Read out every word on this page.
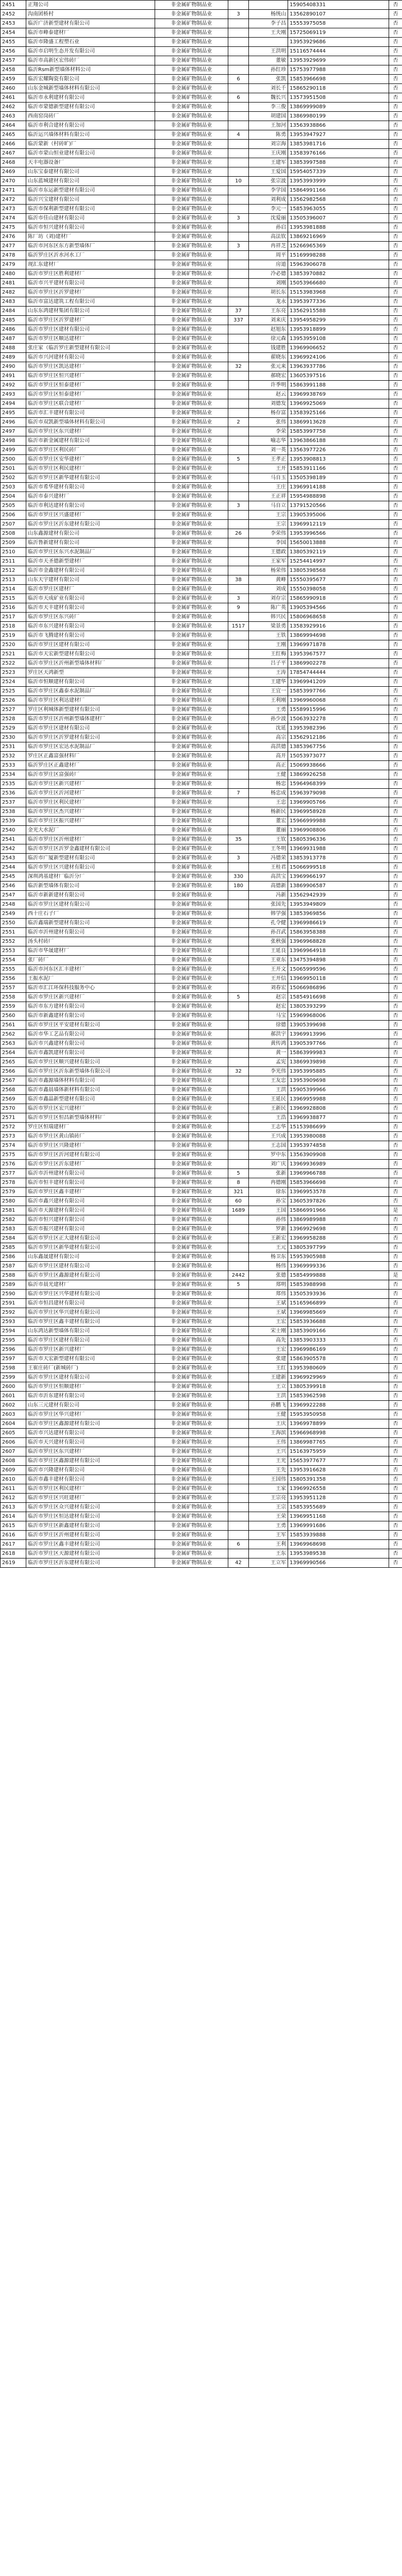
2451	正翔公司	非金属矿物制品业			15905408331	否
2452	沟南团桥村	非金属矿物制品业	3	杨统山	13562890107	否
2453	临沂广济新型建材有限公司	非金属矿物制品业		李子昌	15553975058	否
2454	临沂市峰泰建材厂	非金属矿物制品业		王夫刚	15725069119	否
2455	临沂市隆盛工程塑石业	非金属矿物制品业			13953929686	否
2456	临沂市启明生态开发有限公司	非金属矿物制品业		王洪明	15116574444	否
2457	临沂市高新区宏伟砖厂	非金属矿物制品业		董敏	13953929699	否
2458	临沂Rsm新型墙体材料公司	非金属矿物制品业		孙红珍	15753977988	否
2459	临沂宏耀陶瓷有限公司	非金属矿物制品业	6	张凯	15853966698	否
2460	山东金城新型墙体材料有限公司	非金属矿物制品业		刘长千	15865290118	否
2461	临沂市永利建材有限公司	非金属矿物制品业	6	魏长兴	13573951508	否
2462	临沂市蒙德新型建材有限公司	非金属矿物制品业		李三俊	13869999089	否
2463	西南窑岗砖厂	非金属矿物制品业		胡建国	13869980199	否
2464	临沂市利合建材有限公司	非金属矿物制品业		王加河	13563938866	否
2465	临沂运兴墙体材料有限公司	非金属矿物制品业	4	陈勇	13953947927	否
2466	临沂蒙新（村砖旷)厂	非金属矿物制品业		刘宗海	13853981716	否
2467	临沂市蒙山恒业建材有限公司	非金属矿物制品业		王庆刚	13583976166	否
2468	天丰电器设备厂	非金属矿物制品业		王建军	13853997588	否
2469	山东宝泰建材有限公司	非金属矿物制品业		王爱国	15954057339	否
2470	山东蓝城建材有限公司	非金属矿物制品业	10	张宗波	13953993999	否
2471	临沂市东运新型建材有限公司	非金属矿物制品业		李学国	15864991166	否
2472	临沂兴宝建材有限公司	非金属矿物制品业		刘利成	13562982568	否
2473	临沂市保利新型建材有限公司	非金属矿物制品业		李元一	15853963055	否
2474	临沂市佳山建材有限公司	非金属矿物制品业	3	沈爱丽	13505396007	否
2475	临沂市恒兴建材有限公司	非金属矿物制品业		孙启	13953981888	否
2476	陈厂坊（刘)建材厂	非金属矿物制品业		高法钦	13869216969	否
2477	临沂市河东区东方新型墙体厂	非金属矿物制品业	3	冉祥芝	15266965369	否
2478	临沂罗庄区沂水河水工厂	非金属矿物制品业		周平	15169998288	否
2479	现汇东建材厂	非金属矿物制品业		房道	15963906078	否
2480	临沂市罗庄区胜利建材厂	非金属矿物制品业		冷必德	13853970882	否
2481	临沂市兴平建材有限公司	非金属矿物制品业		刘刚	15053966680	否
2482	临沂市罗庄区沂罗建材厂	非金属矿物制品业		胡长东	15153983968	否
2483	临沂市富达建筑工程有限公司	非金属矿物制品业		龙永	13953977336	否
2484	山东东鸿建材集团有限公司	非金属矿物制品业	37	王东亮	13562915588	否
2485	临沂市罗庄区沂罗建材厂	非金属矿物制品业	337	刘来庆	13954958299	否
2486	临沂市罗庄区建材有限公司	非金属矿物制品业		赵旭东	13953918899	否
2487	临沂市罗庄区顺达建材厂	非金属矿物制品业		徐元森	13953959108	否
2488	张庄家（临沂罗庄新型建材有限公司	非金属矿物制品业		钱建胜	13969906652	否
2489	临沂市兴河建材有限公司	非金属矿物制品业		翟晓东	13969924106	否
2490	临沂市罗庄区凯达建材厂	非金属矿物制品业	32	张元来	13963937786	否
2491	临沂市罗庄区恒兴建材厂	非金属矿物制品业		郝晓宏	13605397516	否
2492	临沂市罗庄区恒泰建材厂	非金属矿物制品业		许季明	15863991188	否
2493	临沂市罗庄区恒泰建材厂	非金属矿物制品业		赵云	13969938769	否
2494	临沂市罗庄区联合建材厂	非金属矿物制品业		刘德发	13969925069	否
2495	临沂市汇丰建材有限公司	非金属矿物制品业		杨存富	13583925166	否
2496	临沂市双凯新型墙体材料有限公司	非金属矿物制品业	2	张伟	13869913628	否
2497	临沂市罗庄区东兴建材厂	非金属矿物制品业		李荣	15853997758	否
2498	临沂市新金属建材有限公司	非金属矿物制品业		喻志华	13963866188	否
2499	临沂市罗庄区利民砖厂	非金属矿物制品业		刘一英	13563977226	否
2500	临沂市罗庄区安华建材厂	非金属矿物制品业	5	王孝正	13953908813	否
2501	临沂市罗庄区利民建材厂	非金属矿物制品业		王开	15853911166	否
2502	临沂市罗庄区新华建材有限公司	非金属矿物制品业		马自玉	13505398189	否
2503	临沂市希华建材有限公司	非金属矿物制品业		王庄	13969914188	否
2504	临沂市泰兴建材厂	非金属矿物制品业		王正祥	15954988898	否
2505	临沂市利达建材有限公司	非金属矿物制品业	3	马自立	13791520566	否
2506	临沂市罗庄区兴盛建材厂	非金属矿物制品业		王宗	13905395006	否
2507	临沂市罗庄区沂东建材有限公司	非金属矿物制品业		王宗	13969912119	否
2508	山东鑫源建材有限公司	非金属矿物制品业	26	李荣伟	13953996566	否
2509	临沂鲁新建材有限公司	非金属矿物制品业		李国	15650013888	否
2510	临沂市罗庄区东兴水泥制品厂	非金属矿物制品业		王德政	13805392119	否
2511	临沂市天圣德新型建材厂	非金属矿物制品业		王家军	15254414997	否
2512	临沂市金鑫建材有限公司	非金属矿物制品业		杨荣伟	13805398568	否
2513	山东天宇建材有限公司	非金属矿物制品业	38	黄峰	15550395677	否
2514	临沂市罗庄区建材厂	非金属矿物制品业		刘成	15550398058	否
2515	临沂市天成矿业有限公司	非金属矿物制品业	3	刘存宗	15865990918	否
2516	临沂市天丰建材有限公司	非金属矿物制品业	9	陈广英	13905394566	否
2517	临沂市罗庄区东兴砖厂	非金属矿物制品业		韩兴民	15806968658	否
2518	临沂市东兴建材有限公司	非金属矿物制品业	1517	梁景勇	13583929916	否
2519	临沂市飞腾建材有限公司	非金属矿物制品业		王铁	13869994698	否
2520	临沂市罗庄区建材有限公司	非金属矿物制品业		王刚	13969971878	否
2521	临沂市天宏新型建材有限公司	非金属矿物制品业		王红梅	13953967577	否
2522	临沂市罗庄区沂州新型墙体材料厂	非金属矿物制品业		吕子平	13869902278	否
2523	罗庄区天鸿新型	非金属矿物制品业		王涛	17854744444	否
2524	临沂市恒顺建材有限公司	非金属矿物制品业		王建华	13969941209	否
2525	临沂市罗庄区鑫泰水泥制品厂	非金属矿物制品业		王宜一	15853997766	否
2526	临沂市罗庄区利达建材厂	非金属矿物制品业		王利刚	13969960068	否
2527	罗庄区利城体新型建材有限公司	非金属矿物制品业		王勇	15589915996	否
2528	临沂市罗庄区沂州新型墙体建材厂	非金属矿物制品业		孙少波	15063932278	否
2529	临沂市罗庄区建材有限公司	非金属矿物制品业		沈延	13953982396	否
2530	临沂市罗庄区沂罗建材有限公司	非金属矿物制品业		高宗	13562912186	否
2531	临沂市罗庄区宏达水泥制品厂	非金属矿物制品业		高洪德	13853967756	否
2532	罗庄区正鑫富强材料厂	非金属矿物制品业		高开	15053973077	否
2533	临沂罗庄区正鑫建材厂	非金属矿物制品业		高正	15069938666	否
2534	临沂市罗庄区富强砖厂	非金属矿物制品业		王健	13869926258	否
2535	临沂市罗庄区新兴建材厂	非金属矿物制品业		杨忠	15964968399	否
2536	临沂市罗庄区沂河建材厂	非金属矿物制品业	7	杨忠成	15963979098	否
2537	临沂市罗庄区利民建材厂	非金属矿物制品业		王忠	13969905766	否
2538	临沂市罗庄区杰兴建材厂	非金属矿物制品业		杨新民	13969958928	否
2539	临沂市罗庄区振兴建材厂	非金属矿物制品业		董宏	15966999988	否
2540	金光大水泥厂	非金属矿物制品业		董丽	13969908806	否
2541	临沂市罗庄区沂州建材厂	非金属矿物制品业	35	王钦	15805396336	否
2542	临沂市罗庄区沂罗金鑫建材有限公司	非金属矿物制品业		王冬明	13969931988	否
2543	临沂市广厦新型建材有限公司	非金属矿物制品业	3	冯德荣	13853913778	否
2544	临沂市罗庄区兴建材有限公司	非金属矿物制品业		王桂君	15066999518	否
2545	深圳鸿基建材厂临沂分厂	非金属矿物制品业	330	高洪宝	13969966197	否
2546	临沂新型墙体有限公司	非金属矿物制品业	180	高德新	13869906587	否
2547	临沂市新新建材有限公司	非金属矿物制品业		冯新	13562942939	否
2548	临沂市罗庄区建材有限公司	非金属矿物制品业		张国先	13953949809	否
2549	西十庄石子厂	非金属矿物制品业		韩学强	13853969856	否
2550	临沂鑫瑞新型建材有限公司	非金属矿物制品业		孔令健	13969986619	否
2551	临沂市沂州建材有限公司	非金属矿物制品业		孙召武	15863958388	否
2552	汤头村砖厂	非金属矿物制品业		张秋强	13969968828	否
2553	临沂市华晟建材厂	非金属矿物制品业		王延良	13969964918	否
2554	张厂砖厂	非金属矿物制品业		王亚东	13475394898	否
2555	临沂市河东区汇丰建材厂	非金属矿物制品业		王开文	15065999596	否
2556	王振水泥厂	非金属矿物制品业		王开信	13969950118	否
2557	临沂市汇江环保科技服务中心	非金属矿物制品业		刘春宏	15066986896	否
2558	临沂市罗庄区新兴建材厂	非金属矿物制品业	5	赵宗	15854916698	否
2559	临沂市东方建材有限公司	非金属矿物制品业		赵宏	13805393299	否
2560	临沂市新鑫建材有限公司	非金属矿物制品业		马宝	15969968006	否
2561	临沂市罗庄区平安建材有限公司	非金属矿物制品业		徐德	13905399698	否
2562	临沂市华工艺品有限公司	非金属矿物制品业		郝洪宇	13969913996	否
2563	临沂市兴鑫建材有限公司	非金属矿物制品业		黄传鸿	13905397766	否
2564	临沂市鑫凯建材有限公司	非金属矿物制品业		黄一	15863999983	否
2565	临沂市罗庄区顺兴建材有限公司	非金属矿物制品业		孟宪	13869939898	否
2566	临沂市罗庄区沂东新型墙体有限公司	非金属矿物制品业	32	李光伟	13953995885	否
2567	临沂市鑫源墙体材料有限公司	非金属矿物制品业		王友忠	13953909698	否
2568	临沂市鑫晨墙体新材料有限公司	非金属矿物制品业		王洪	15905399966	否
2569	临沂市鑫晶新型建材有限公司	非金属矿物制品业		王延民	13969959988	否
2570	临沂市罗庄区宏兴建材厂	非金属矿物制品业		王新民	13969928808	否
2571	临沂市罗庄区恒昌新型墙体材料厂	非金属矿物制品业		王浩	13969938877	否
2572	罗庄区恒瑞建材厂	非金属矿物制品业		王志华	15153986699	否
2573	临沂市罗庄区黄山镇砖厂	非金属矿物制品业		王兴成	13953980088	否
2574	临沂市罗庄区兴隆建材厂	非金属矿物制品业		王志国	13953974858	否
2575	临沂市罗庄区沂河建材有限公司	非金属矿物制品业		罗中东	13563909908	否
2576	临沂市罗庄区沂东建材厂	非金属矿物制品业		刘广庆	13969936989	否
2577	临沂市沂州建材有限公司	非金属矿物制品业	5	张新	13969966788	否
2578	临沂市恒丰建材有限公司	非金属矿物制品业	8	冉德刚	15853966698	否
2579	临沂市罗庄区鑫丰建材厂	非金属矿物制品业	321	徐东	13969953578	否
2580	临沂市鑫兴建材有限公司	非金属矿物制品业	60	孙宝	13605397826	否
2581	临沂市天源建材有限公司	非金属矿物制品业	1689	王国	15866991966	是
2582	临沂市恒兴建材有限公司	非金属矿物制品业		孙伟	13869989988	否
2583	临沂市振兴建材有限公司	非金属矿物制品业		罗新	13969929698	否
2584	临沂市罗庄区正大建材有限公司	非金属矿物制品业		王新宏	13969958288	否
2585	临沂市罗庄区新华建材有限公司	非金属矿物制品业		王元	13805397799	否
2586	山东鑫晟建材有限公司	非金属矿物制品业		杨卫东	15953905988	否
2587	临沂市罗庄区建材有限公司	非金属矿物制品业		杨伟	13969999336	否
2588	临沂市罗庄区鑫源建材有限公司	非金属矿物制品业	2442	张德	15854999888	是
2589	临沂市晨光建材厂	非金属矿物制品业	5	郑明	15853988998	否
2590	临沂市罗庄区兴华建材有限公司	非金属矿物制品业		郑伟	13505393936	否
2591	临沂市恒昌建材有限公司	非金属矿物制品业		王斌	15165966899	否
2592	临沂市罗庄区华兴建材有限公司	非金属矿物制品业		王斌	13969985669	否
2593	临沂市罗庄区鑫丰建材有限公司	非金属矿物制品业		王宏	15853936688	否
2594	山东鸿达新型墙体有限公司	非金属矿物制品业		宋士刚	13853909166	否
2595	临沂市罗庄区建材有限公司	非金属矿物制品业		高先	13853903333	否
2596	临沂市罗庄区新兴建材厂	非金属矿物制品业		王宏	13969986169	否
2597	临沂市天宏新型建材有限公司	非金属矿物制品业		张建	15863905578	否
2598	王崔庄砖厂(新城砖厂)	非金属矿物制品业		王红	13953980609	否
2599	临沂市罗庄区建材有限公司	非金属矿物制品业		王建新	13969929969	否
2600	临沂市罗庄区恒顺建材厂	非金属矿物制品业		王立	13805399918	否
2601	临沂市沂东建材有限公司	非金属矿物制品业		王洪	15853962598	否
2602	山东三元建材有限公司	非金属矿物制品业		孙鹏飞	13969922288	否
2603	临沂市罗庄区华兴建材厂	非金属矿物制品业		王健	15953950958	否
2604	临沂市罗庄区鑫源建材有限公司	非金属矿物制品业		王庆	13969978899	否
2605	临沂市兴达建材有限公司	非金属矿物制品业		王海滨	15966968998	否
2606	临沂市天兴建材有限公司	非金属矿物制品业		王伟	13869987765	否
2607	临沂市罗庄区东兴建材厂	非金属矿物制品业		王兴	15163975959	否
2608	临沂市罗庄区鑫源建材有限公司	非金属矿物制品业		王光	15653977677	否
2609	临沂市兴隆建材有限公司	非金属矿物制品业		王先	13953916628	否
2610	临沂市鑫丰建材有限公司	非金属矿物制品业		王国伟	15805391358	否
2611	临沂市罗庄区利民建材厂	非金属矿物制品业		王家	13969926558	否
2612	临沂市罗庄区兴旺建材厂	非金属矿物制品业		王宗亮	13953951128	否
2613	临沂市罗庄区众兴建材有限公司	非金属矿物制品业		王宗	15853955689	否
2614	临沂市罗庄区恒达建材有限公司	非金属矿物制品业		王荣	13969951168	否
2615	临沂市罗庄区新鑫建材有限公司	非金属矿物制品业		王勇	13969991686	否
2616	临沂市罗庄区沂州建材有限公司	非金属矿物制品业		王军	15853939888	否
2617	临沂市罗庄区鑫丰建材有限公司	非金属矿物制品业	6	王利	13969968698	否
2618	临沂市罗庄区天源建材有限公司	非金属矿物制品业		王东	13953989538	否
2619	临沂市罗庄区沂东建材有限公司	非金属矿物制品业	42	王立军	13969990566	否
